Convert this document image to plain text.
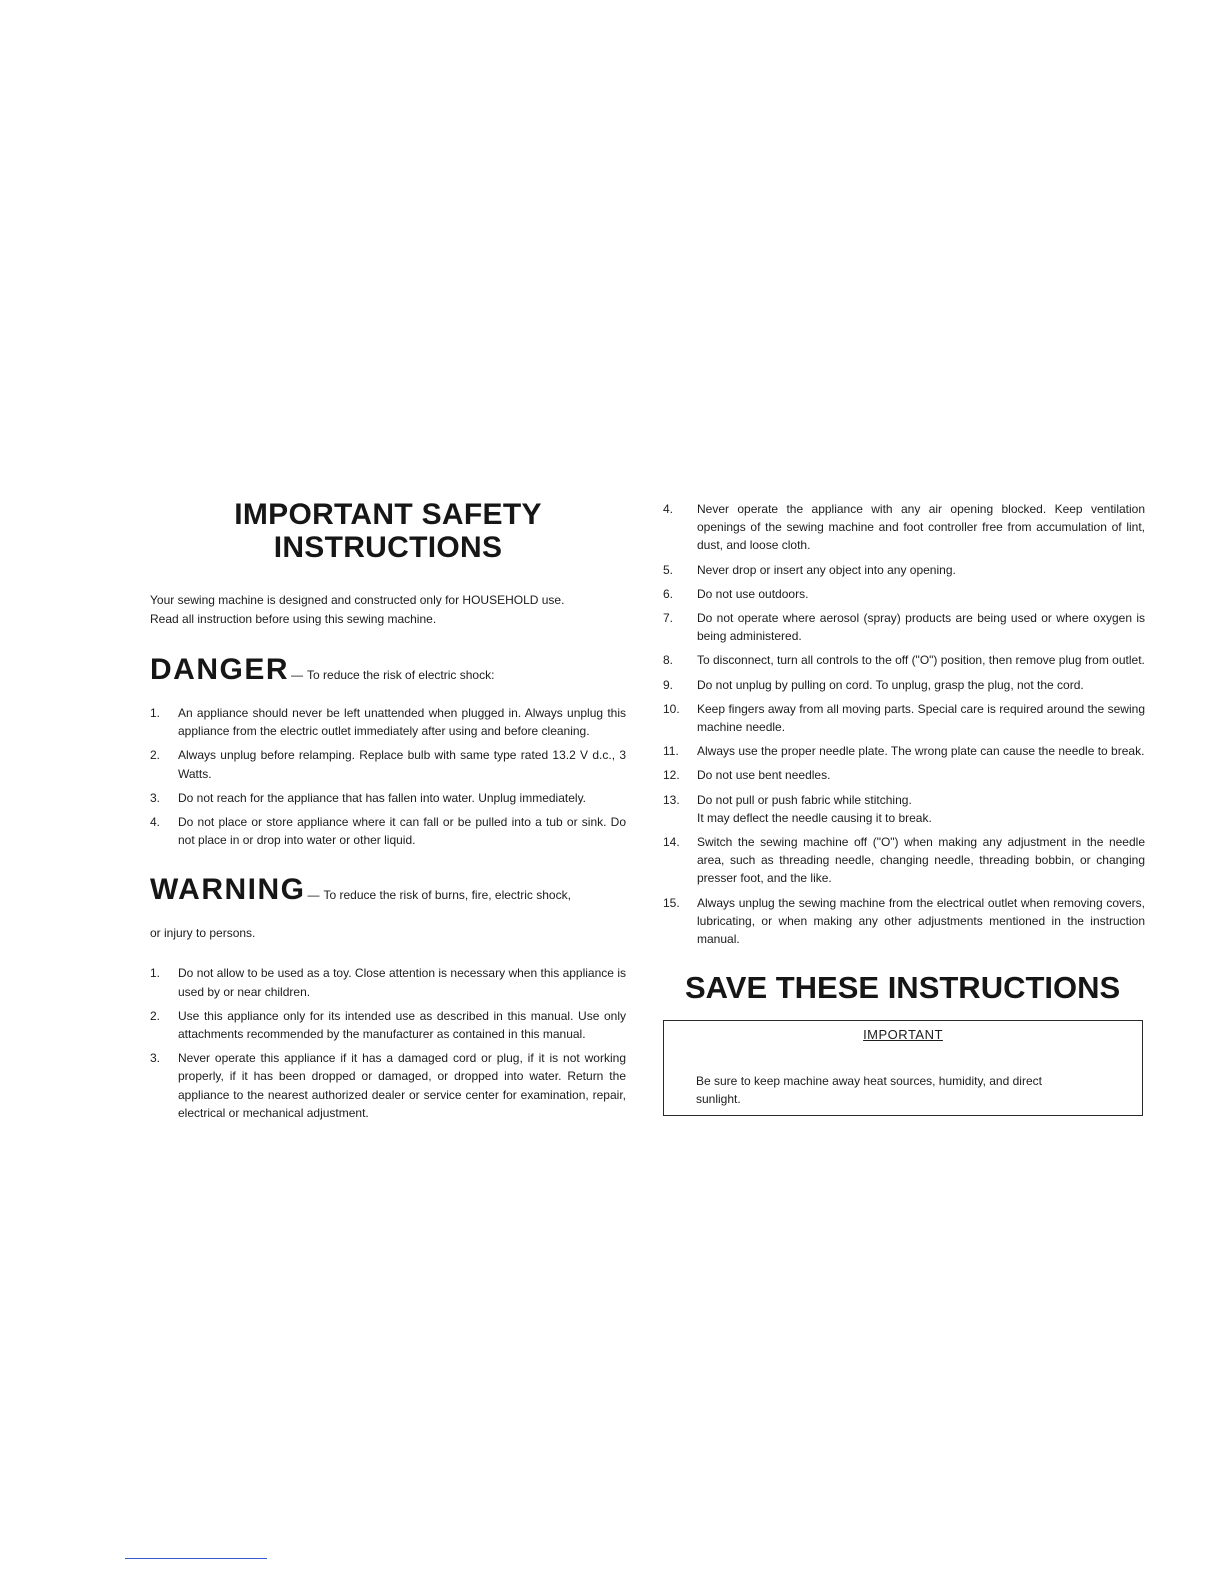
IMPORTANT SAFETY
INSTRUCTIONS

Your sewing machine is designed and constructed only for HOUSEHOLD use.

Read all instruction before using this sewing machine.

DANGER — To reduce the risk of electric shock:
1. An appliance should never be left unattended when plugged in. Always unplug this appliance from the electric outlet immediately after using and before cleaning.
2. Always unplug before relamping. Replace bulb with same type rated 13.2 V d.c., 3 Watts.
3. Do not reach for the appliance that has fallen into water. Unplug immediately.
4. Do not place or store appliance where it can fall or be pulled into a tub or sink. Do not place in or drop into water or other liquid.
WARNING — To reduce the risk of burns, fire, electric shock,
or injury to persons.
1. Do not allow to be used as a toy. Close attention is necessary when this appliance is used by or near children.
2. Use this appliance only for its intended use as described in this manual. Use only attachments recommended by the manufacturer as contained in this manual.
3. Never operate this appliance if it has a damaged cord or plug, if it is not working properly, if it has been dropped or damaged, or dropped into water. Return the appliance to the nearest authorized dealer or service center for examination, repair, electrical or mechanical adjustment.
4. Never operate the appliance with any air opening blocked. Keep ventilation openings of the sewing machine and foot controller free from accumulation of lint, dust, and loose cloth.
5. Never drop or insert any object into any opening.
6. Do not use outdoors.
7. Do not operate where aerosol (spray) products are being used or where oxygen is being administered.
8. To disconnect, turn all controls to the off ("O") position, then remove plug from outlet.
9. Do not unplug by pulling on cord. To unplug, grasp the plug, not the cord.
10. Keep fingers away from all moving parts. Special care is required around the sewing machine needle.
11. Always use the proper needle plate. The wrong plate can cause the needle to break.
12. Do not use bent needles.
13. Do not pull or push fabric while stitching.
It may deflect the needle causing it to break.
14. Switch the sewing machine off ("O") when making any adjustment in the needle area, such as threading needle, changing needle, threading bobbin, or changing presser foot, and the like.
15. Always unplug the sewing machine from the electrical outlet when removing covers, lubricating, or when making any other adjustments mentioned in the instruction manual.
SAVE THESE INSTRUCTIONS
IMPORTANT
Be sure to keep machine away heat sources, humidity, and direct sunlight.
